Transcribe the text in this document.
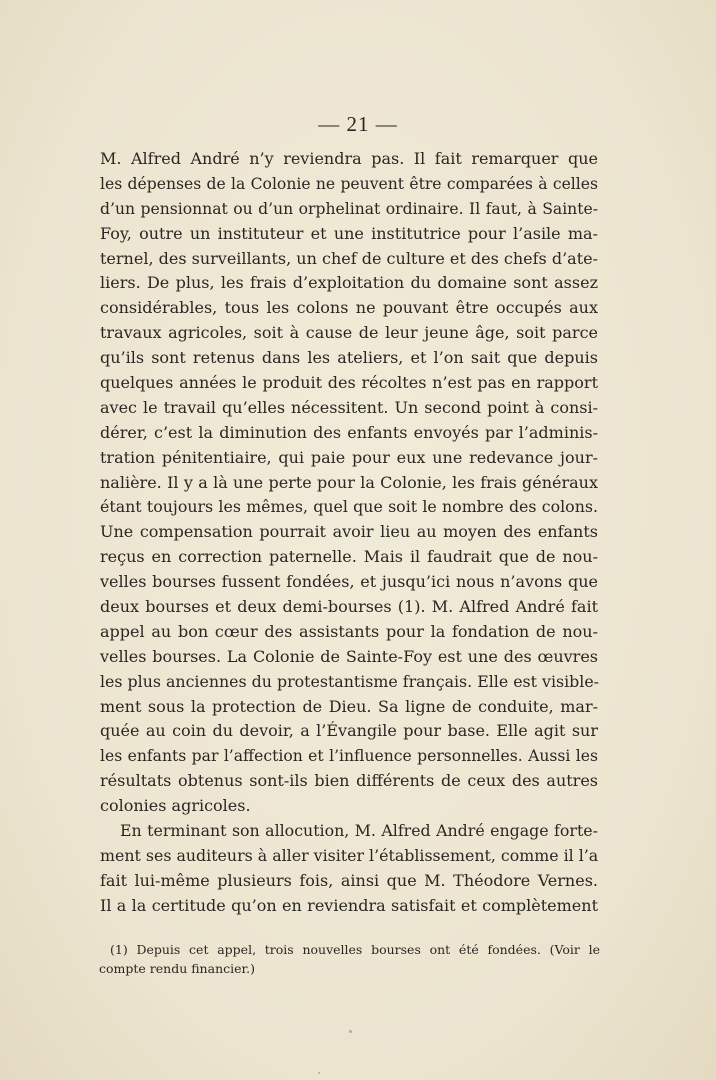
— 21 —
M. Alfred André n’y reviendra pas. Il fait remarquer que
les dépenses de la Colonie ne peuvent être comparées à celles
d’un pensionnat ou d’un orphelinat ordinaire. Il faut, à Sainte-
Foy, outre un instituteur et une institutrice pour l’asile ma-
ternel, des surveillants, un chef de culture et des chefs d’ate-
liers. De plus, les frais d’exploitation du domaine sont assez
considérables, tous les colons ne pouvant être occupés aux
travaux agricoles, soit à cause de leur jeune âge, soit parce
qu’ils sont retenus dans les ateliers, et l’on sait que depuis
quelques années le produit des récoltes n’est pas en rapport
avec le travail qu’elles nécessitent. Un second point à consi-
dérer, c’est la diminution des enfants envoyés par l’adminis-
tration pénitentiaire, qui paie pour eux une redevance jour-
nalière. Il y a là une perte pour la Colonie, les frais généraux
étant toujours les mêmes, quel que soit le nombre des colons.
Une compensation pourrait avoir lieu au moyen des enfants
reçus en correction paternelle. Mais il faudrait que de nou-
velles bourses fussent fondées, et jusqu’ici nous n’avons que
deux bourses et deux demi-bourses (1). M. Alfred André fait
appel au bon cœur des assistants pour la fondation de nou-
velles bourses. La Colonie de Sainte-Foy est une des œuvres
les plus anciennes du protestantisme français. Elle est visible-
ment sous la protection de Dieu. Sa ligne de conduite, mar-
quée au coin du devoir, a l’Évangile pour base. Elle agit sur
les enfants par l’affection et l’influence personnelles. Aussi les
résultats obtenus sont-ils bien différents de ceux des autres
colonies agricoles.
En terminant son allocution, M. Alfred André engage forte-
ment ses auditeurs à aller visiter l’établissement, comme il l’a
fait lui-même plusieurs fois, ainsi que M. Théodore Vernes.
Il a la certitude qu’on en reviendra satisfait et complètement
(1) Depuis cet appel, trois nouvelles bourses ont été fondées. (Voir le
compte rendu financier.)
